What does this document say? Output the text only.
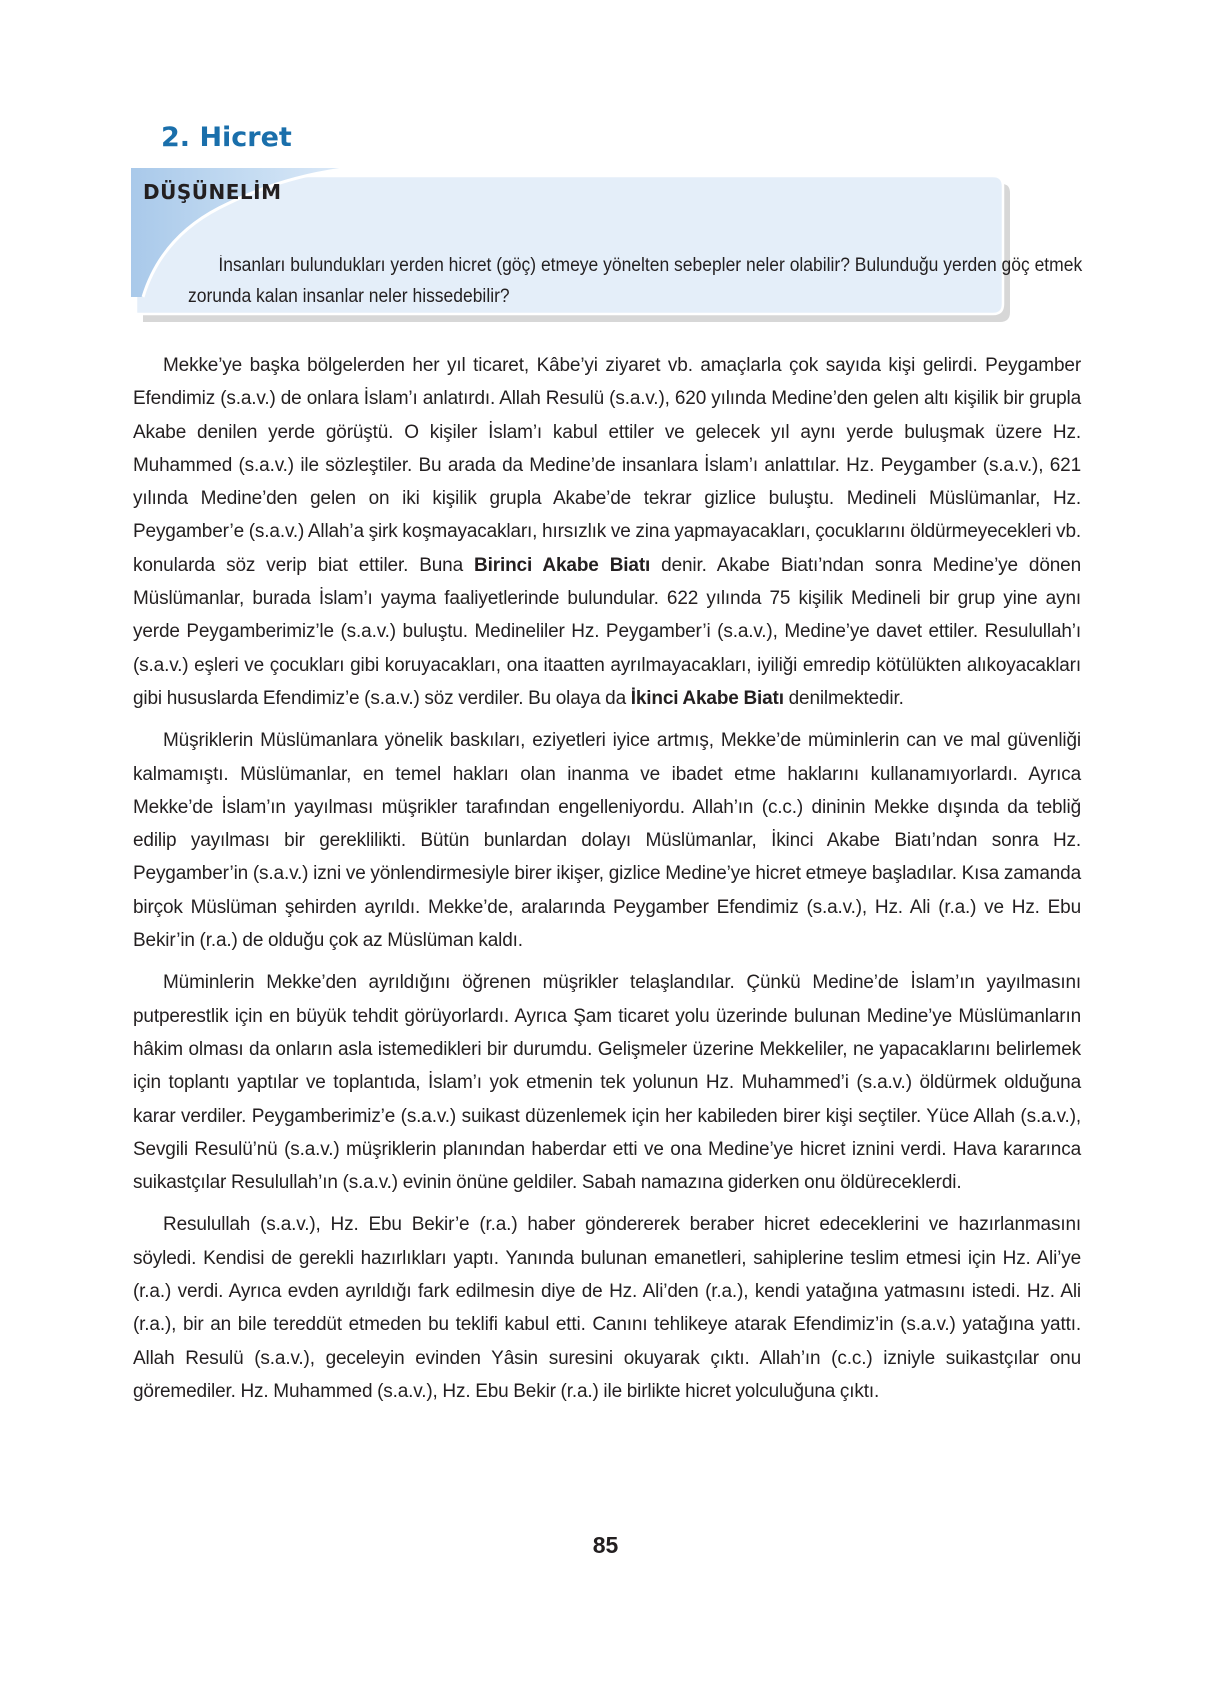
2. Hicret
DÜŞÜNELİM

İnsanları bulundukları yerden hicret (göç) etmeye yönelten sebepler neler olabilir? Bulunduğu yerden göç etmek zorunda kalan insanlar neler hissedebilir?

Mekke’ye başka bölgelerden her yıl ticaret, Kâbe’yi ziyaret vb. amaçlarla çok sayıda kişi gelirdi. Peygamber Efendimiz (s.a.v.) de onlara İslam’ı anlatırdı. Allah Resulü (s.a.v.), 620 yılında Medine’den gelen altı kişilik bir grupla Akabe denilen yerde görüştü. O kişiler İslam’ı kabul ettiler ve gelecek yıl aynı yerde buluşmak üzere Hz. Muhammed (s.a.v.) ile sözleştiler. Bu arada da Medine’de insanlara İslam’ı anlattılar. Hz. Peygamber (s.a.v.), 621 yılında Medine’den gelen on iki kişilik grupla Akabe’de tekrar gizlice buluştu. Medineli Müslümanlar, Hz. Peygamber’e (s.a.v.) Allah’a şirk koşmayacakları, hırsızlık ve zina yapmayacakları, çocuklarını öldürmeyecekleri vb. konularda söz verip biat ettiler. Buna Birinci Akabe Biatı denir. Akabe Biatı’ndan sonra Medine’ye dönen Müslümanlar, burada İslam’ı yayma faaliyetlerinde bulundular. 622 yılında 75 kişilik Medineli bir grup yine aynı yerde Peygamberimiz’le (s.a.v.) buluştu. Medineliler Hz. Peygamber’i (s.a.v.), Medine’ye davet ettiler. Resulullah’ı (s.a.v.) eşleri ve çocukları gibi koruyacakları, ona itaatten ayrılmayacakları, iyiliği emredip kötülükten alıkoyacakları gibi hususlarda Efendimiz’e (s.a.v.) söz verdiler. Bu olaya da İkinci Akabe Biatı denilmektedir.

Müşriklerin Müslümanlara yönelik baskıları, eziyetleri iyice artmış, Mekke’de müminlerin can ve mal güvenliği kalmamıştı. Müslümanlar, en temel hakları olan inanma ve ibadet etme haklarını kullanamıyorlardı. Ayrıca Mekke’de İslam’ın yayılması müşrikler tarafından engelleniyordu. Allah’ın (c.c.) dininin Mekke dışında da tebliğ edilip yayılması bir gereklilikti. Bütün bunlardan dolayı Müslümanlar, İkinci Akabe Biatı’ndan sonra Hz. Peygamber’in (s.a.v.) izni ve yönlendirmesiyle birer ikişer, gizlice Medine’ye hicret etmeye başladılar. Kısa zamanda birçok Müslüman şehirden ayrıldı. Mekke’de, aralarında Peygamber Efendimiz (s.a.v.), Hz. Ali (r.a.) ve Hz. Ebu Bekir’in (r.a.) de olduğu çok az Müslüman kaldı.

Müminlerin Mekke’den ayrıldığını öğrenen müşrikler telaşlandılar. Çünkü Medine’de İslam’ın yayılmasını putperestlik için en büyük tehdit görüyorlardı. Ayrıca Şam ticaret yolu üzerinde bulunan Medine’ye Müslümanların hâkim olması da onların asla istemedikleri bir durumdu. Gelişmeler üzerine Mekkeliler, ne yapacaklarını belirlemek için toplantı yaptılar ve toplantıda, İslam’ı yok etmenin tek yolunun Hz. Muhammed’i (s.a.v.) öldürmek olduğuna karar verdiler. Peygamberimiz’e (s.a.v.) suikast düzenlemek için her kabileden birer kişi seçtiler. Yüce Allah (s.a.v.), Sevgili Resulü’nü (s.a.v.) müşriklerin planından haberdar etti ve ona Medine’ye hicret iznini verdi. Hava kararınca suikastçılar Resulullah’ın (s.a.v.) evinin önüne geldiler. Sabah namazına giderken onu öldüreceklerdi.

Resulullah (s.a.v.), Hz. Ebu Bekir’e (r.a.) haber göndererek beraber hicret edeceklerini ve hazırlanmasını söyledi. Kendisi de gerekli hazırlıkları yaptı. Yanında bulunan emanetleri, sahiplerine teslim etmesi için Hz. Ali’ye (r.a.) verdi. Ayrıca evden ayrıldığı fark edilmesin diye de Hz. Ali’den (r.a.), kendi yatağına yatmasını istedi. Hz. Ali (r.a.), bir an bile tereddüt etmeden bu teklifi kabul etti. Canını tehlikeye atarak Efendimiz’in (s.a.v.) yatağına yattı. Allah Resulü (s.a.v.), geceleyin evinden Yâsin suresini okuyarak çıktı. Allah’ın (c.c.) izniyle suikastçılar onu göremediler. Hz. Muhammed (s.a.v.), Hz. Ebu Bekir (r.a.) ile birlikte hicret yolculuğuna çıktı.

85
